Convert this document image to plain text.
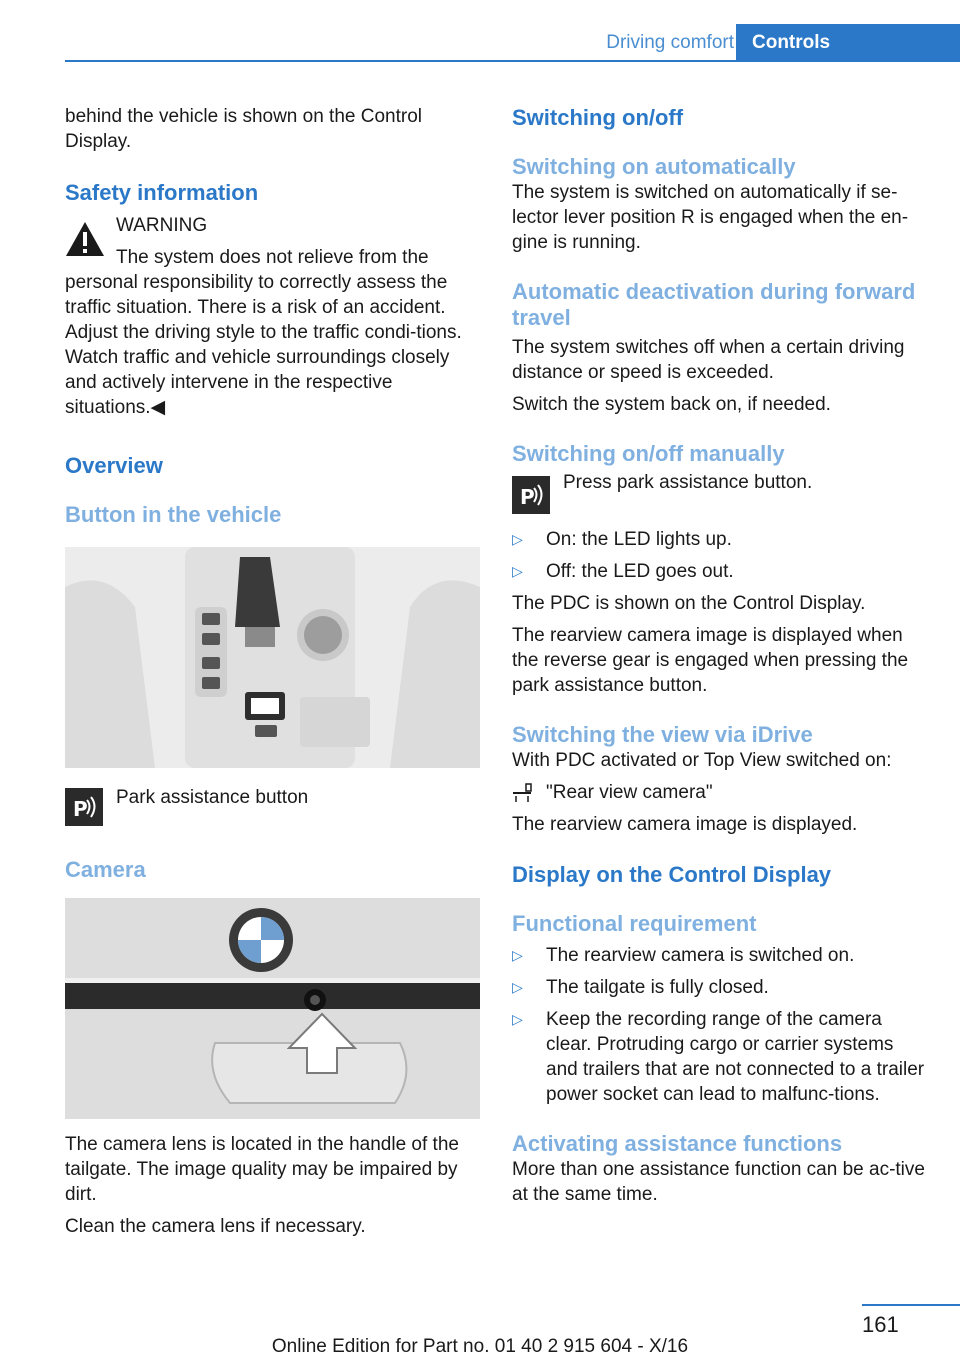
Driving comfort Controls

behind the vehicle is shown on the Control Display.

Safety information

WARNING

The system does not relieve from the

personal responsibility to correctly assess the traffic situation. There is a risk of an accident. Adjust the driving style to the traffic condi‐tions. Watch traffic and vehicle surroundings closely and actively intervene in the respective situations.◀

Overview

Button in the vehicle

P Park assistance button

Camera

The camera lens is located in the handle of the tailgate. The image quality may be impaired by dirt.

Clean the camera lens if necessary.

Switching on/off

Switching on automatically

The system is switched on automatically if se‐lector lever position R is engaged when the en‐gine is running.

Automatic deactivation during forward travel

The system switches off when a certain driving distance or speed is exceeded.

Switch the system back on, if needed.

Switching on/off manually

P
Press park assistance button.
▷ On: the LED lights up.
▷ Off: the LED goes out.

The PDC is shown on the Control Display.

The rearview camera image is displayed when the reverse gear is engaged when pressing the park assistance button.

Switching the view via iDrive

With PDC activated or Top View switched on:

"Rear view camera"

The rearview camera image is displayed.

Display on the Control Display

Functional requirement

▷ The rearview camera is switched on.
▷ The tailgate is fully closed.
▷ Keep the recording range of the camera clear. Protruding cargo or carrier systems and trailers that are not connected to a trailer power socket can lead to malfunc‐tions.

Activating assistance functions

More than one assistance function can be ac‐tive at the same time.

161
Online Edition for Part no. 01 40 2 915 604 - X/16
